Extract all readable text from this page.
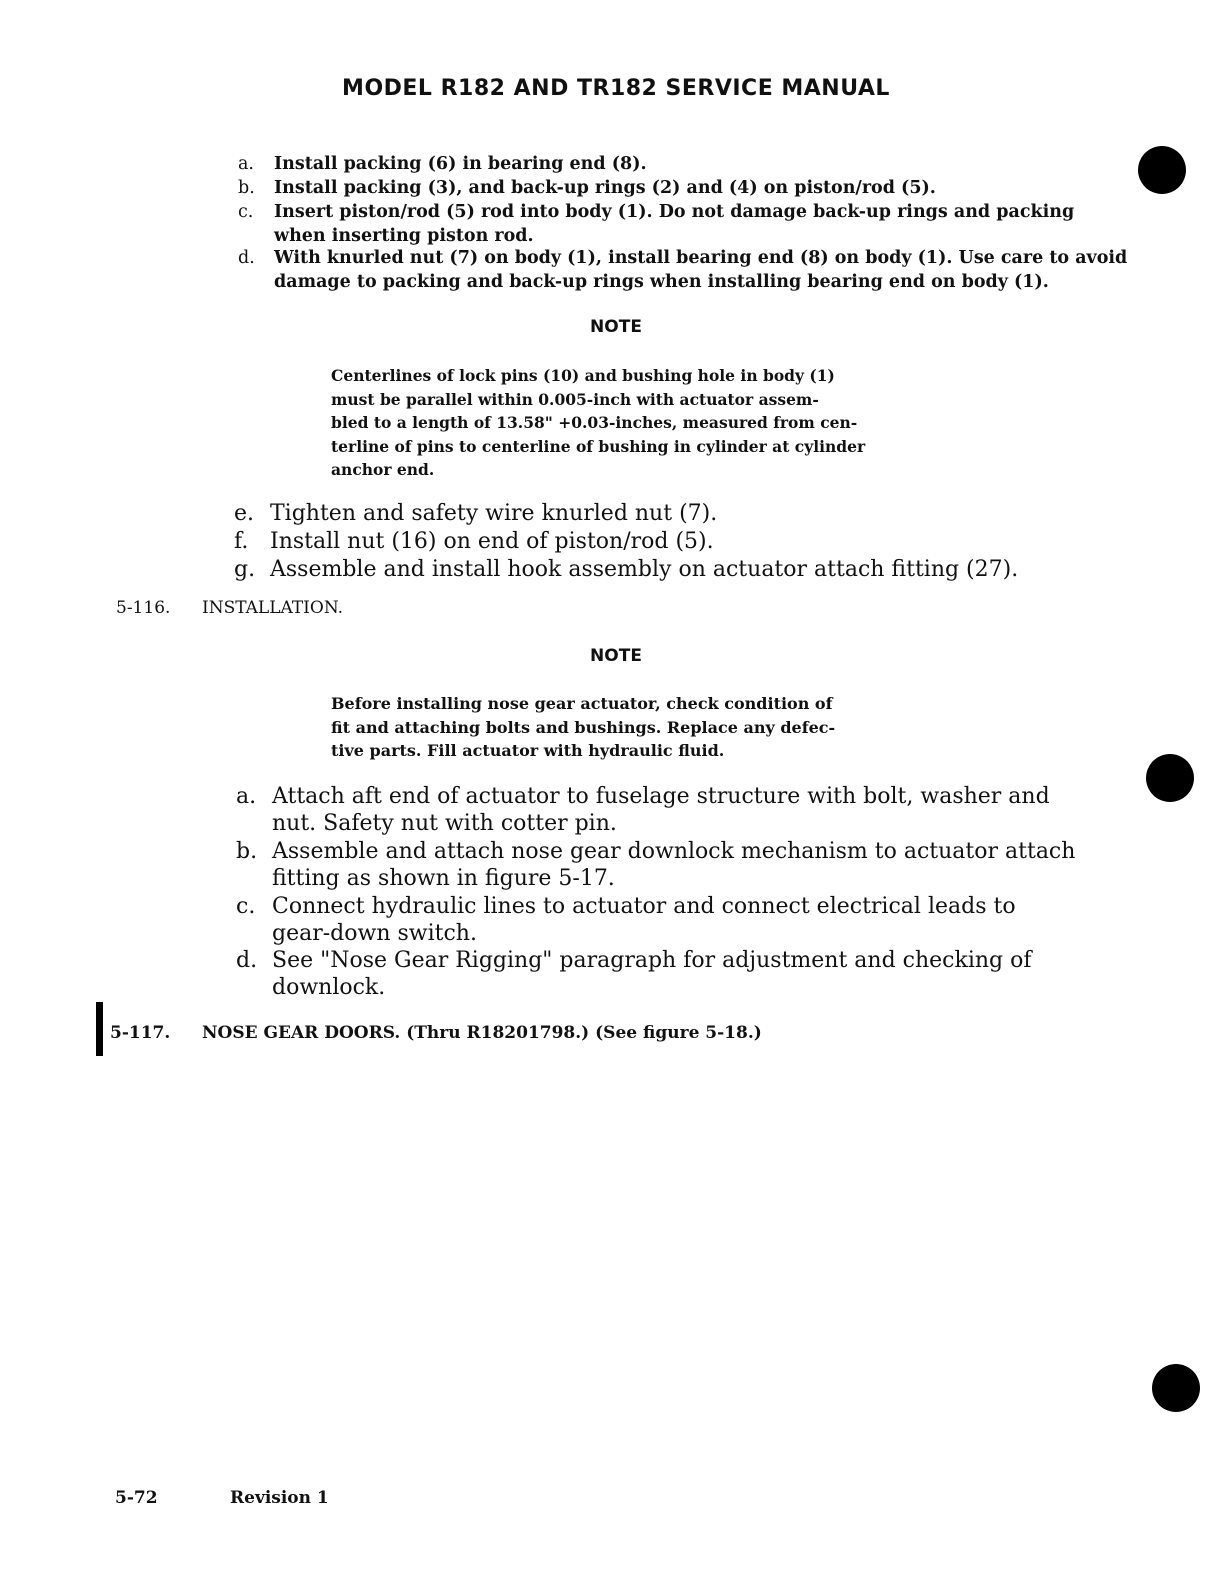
MODEL R182 AND TR182 SERVICE MANUAL
a.	Install packing (6) in bearing end (8).
b.	Install packing (3), and back-up rings (2) and (4) on piston/rod (5).
c.	Insert piston/rod (5) rod into body (1). Do not damage back-up rings and packing
when inserting piston rod.
d.	With knurled nut (7) on body (1), install bearing end (8) on body (1). Use care to avoid
damage to packing and back-up rings when installing bearing end on body (1).
NOTE
Centerlines of lock pins (10) and bushing hole in body (1)
must be parallel within 0.005-inch with actuator assem-
bled to a length of 13.58" +0.03-inches, measured from cen-
terline of pins to centerline of bushing in cylinder at cylinder
anchor end.
e. Tighten and safety wire knurled nut (7).
f. Install nut (16) on end of piston/rod (5).
g. Assemble and install hook assembly on actuator attach fitting (27).
5-116. INSTALLATION.
NOTE
Before installing nose gear actuator, check condition of
fit and attaching bolts and bushings. Replace any defec-
tive parts. Fill actuator with hydraulic fluid.
a. Attach aft end of actuator to fuselage structure with bolt, washer and
nut. Safety nut with cotter pin.
b. Assemble and attach nose gear downlock mechanism to actuator attach
fitting as shown in figure 5-17.
c. Connect hydraulic lines to actuator and connect electrical leads to
gear-down switch.
d. See "Nose Gear Rigging" paragraph for adjustment and checking of
downlock.
5-117. NOSE GEAR DOORS. (Thru R18201798.) (See figure 5-18.)
5-72	Revision 1
